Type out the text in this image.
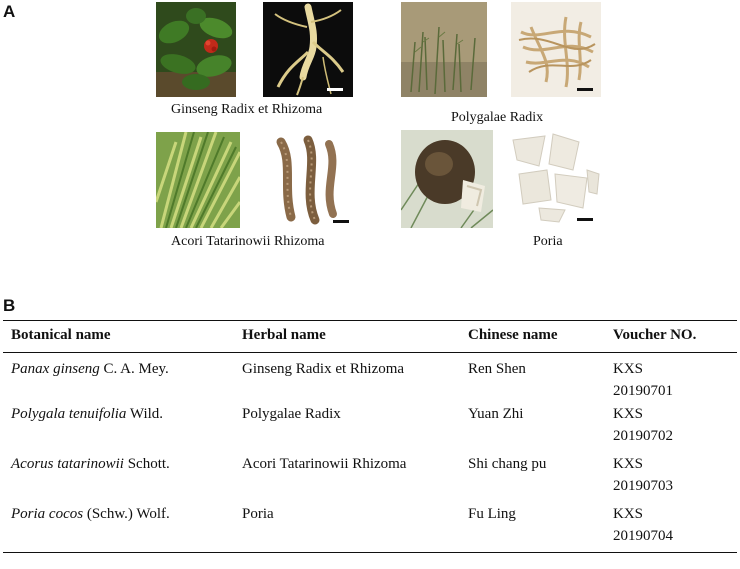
A
Ginseng Radix et Rhizoma
Polygalae Radix
Acori Tatarinowii Rhizoma	Poria
B
Botanical name	Herbal name	Chinese name	Voucher NO.
Panax ginseng C. A. Mey.	Ginseng Radix et Rhizoma	Ren Shen	KXS
20190701

Polygala tenuifolia Wild.	Polygalae Radix	Yuan Zhi	KXS
20190702

Acorus tatarinowii Schott.	Acori Tatarinowii Rhizoma	Shi chang pu	KXS
20190703

Poria cocos (Schw.) Wolf.	Poria	Fu Ling	KXS
20190704
